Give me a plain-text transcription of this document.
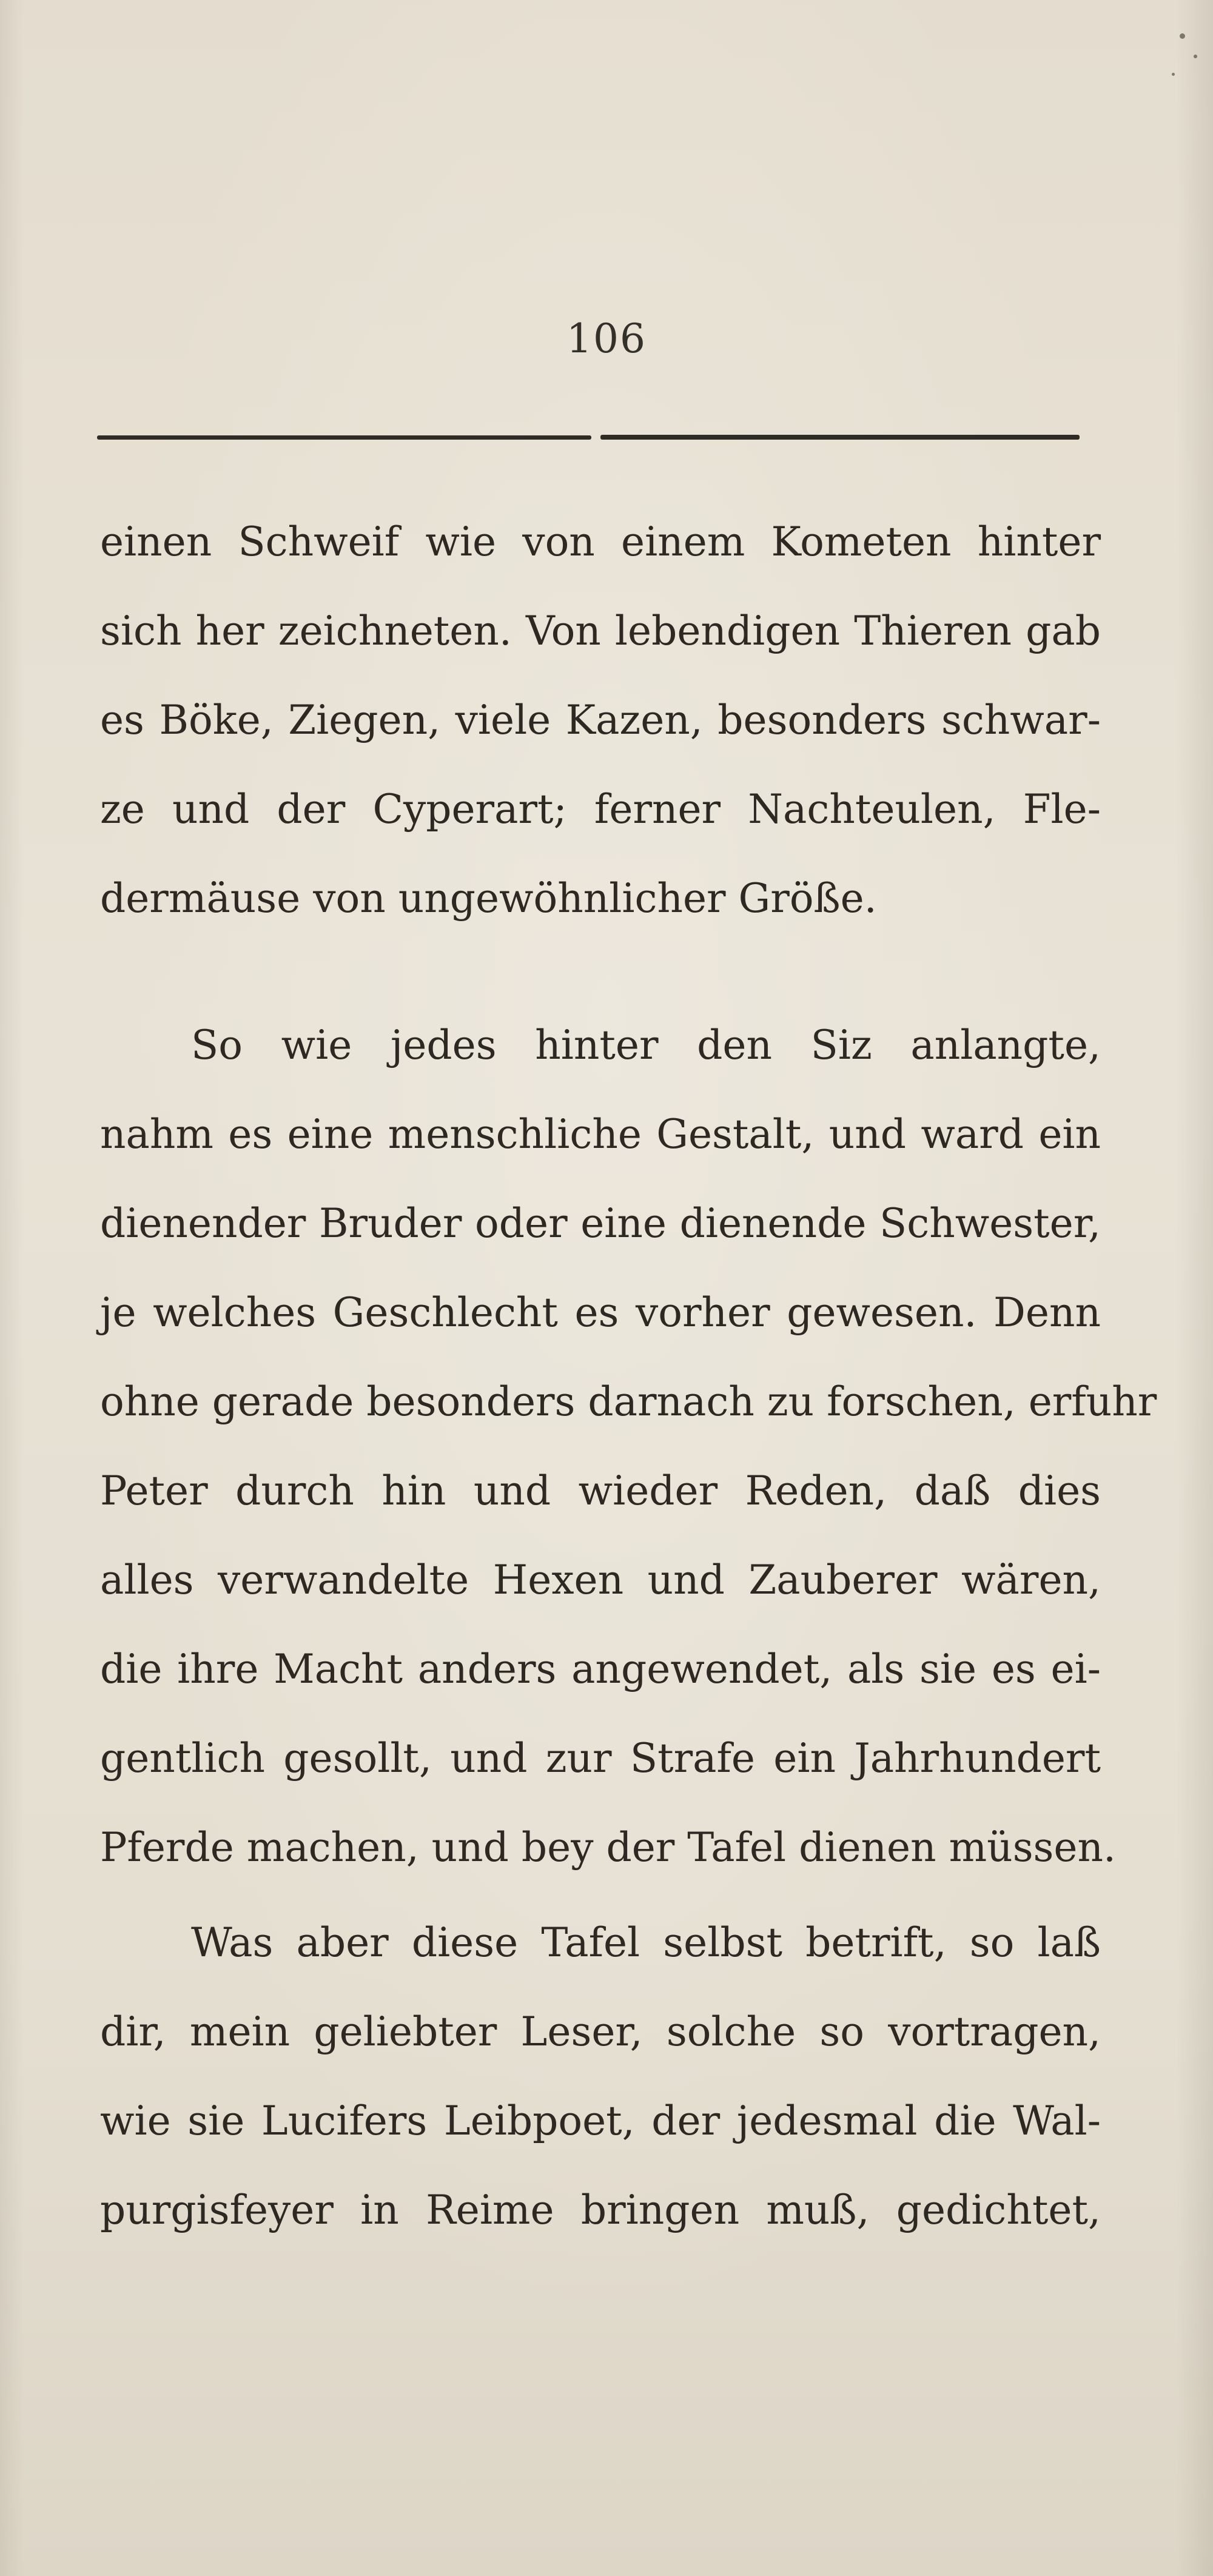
106
einen Schweif wie von einem Kometen hinter
sich her zeichneten. Von lebendigen Thieren gab
es Böke, Ziegen, viele Kazen, besonders schwar-
ze und der Cyperart; ferner Nachteulen, Fle-
dermäuse von ungewöhnlicher Größe.
So wie jedes hinter den Siz anlangte,
nahm es eine menschliche Gestalt, und ward ein
dienender Bruder oder eine dienende Schwester,
je welches Geschlecht es vorher gewesen. Denn
ohne gerade besonders darnach zu forschen, erfuhr
Peter durch hin und wieder Reden, daß dies
alles verwandelte Hexen und Zauberer wären,
die ihre Macht anders angewendet, als sie es ei-
gentlich gesollt, und zur Strafe ein Jahrhundert
Pferde machen, und bey der Tafel dienen müssen.
Was aber diese Tafel selbst betrift, so laß
dir, mein geliebter Leser, solche so vortragen,
wie sie Lucifers Leibpoet, der jedesmal die Wal-
purgisfeyer in Reime bringen muß, gedichtet,
